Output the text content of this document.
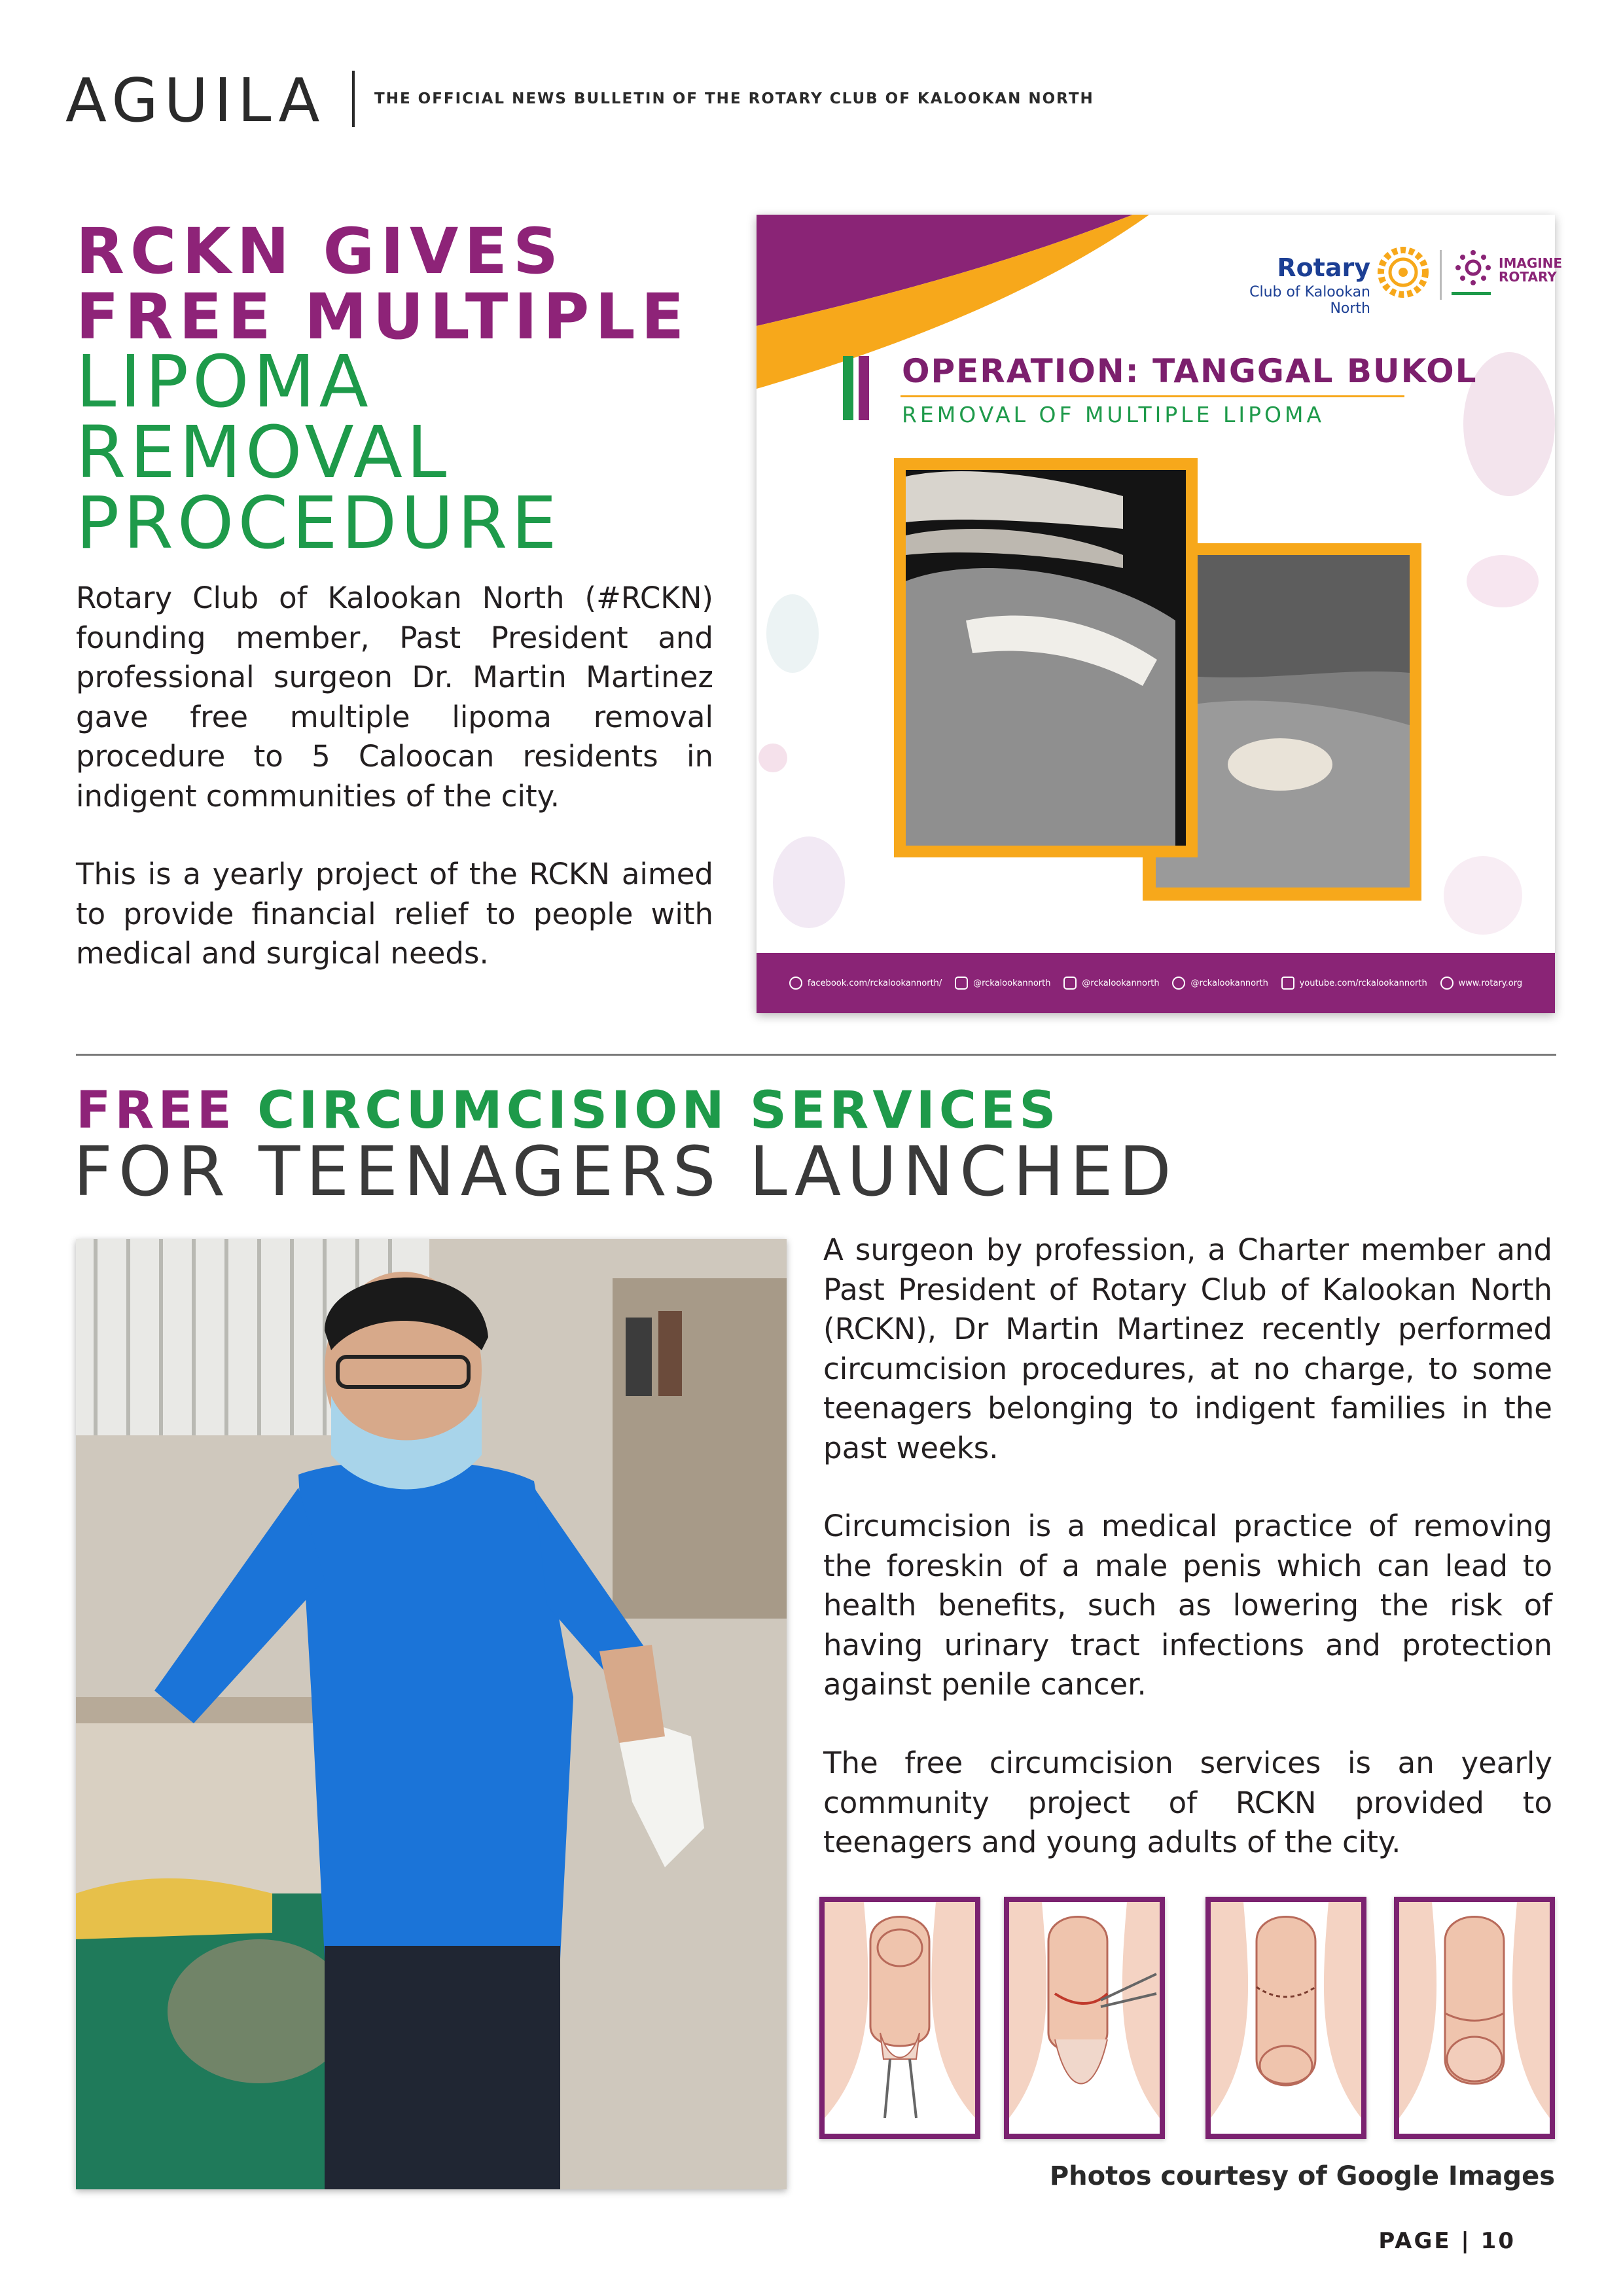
AGUILA	THE OFFICIAL NEWS BULLETIN OF THE ROTARY CLUB OF KALOOKAN NORTH
RCKN GIVES
FREE MULTIPLE
LIPOMA
REMOVAL
PROCEDURE

Rotary Club of Kalookan North (#RCKN) founding member, Past President and professional surgeon Dr. Martin Martinez gave free multiple lipoma removal procedure to 5 Caloocan residents in indigent communities of the city.

This is a yearly project of the RCKN aimed to provide financial relief to people with medical and surgical needs.

Rotary
Club of Kalookan North
IMAGINE
ROTARY
OPERATION: TANGGAL BUKOL
REMOVAL OF MULTIPLE LIPOMA
facebook.com/rckalookannorth/	@rckalookannorth	@rckalookannorth	@rckalookannorth	youtube.com/rckalookannorth	www.rotary.org
FREE CIRCUMCISION SERVICES
FOR TEENAGERS LAUNCHED

A surgeon by profession, a Charter member and Past President of Rotary Club of Kalookan North (RCKN), Dr Martin Martinez recently performed circumcision procedures, at no charge, to some teenagers belonging to indigent families in the past weeks.

Circumcision is a medical practice of removing the foreskin of a male penis which can lead to health benefits, such as lowering the risk of having urinary tract infections and protection against penile cancer.

The free circumcision services is an yearly community project of RCKN provided to teenagers and young adults of the city.

Photos courtesy of Google Images
PAGE | 10
